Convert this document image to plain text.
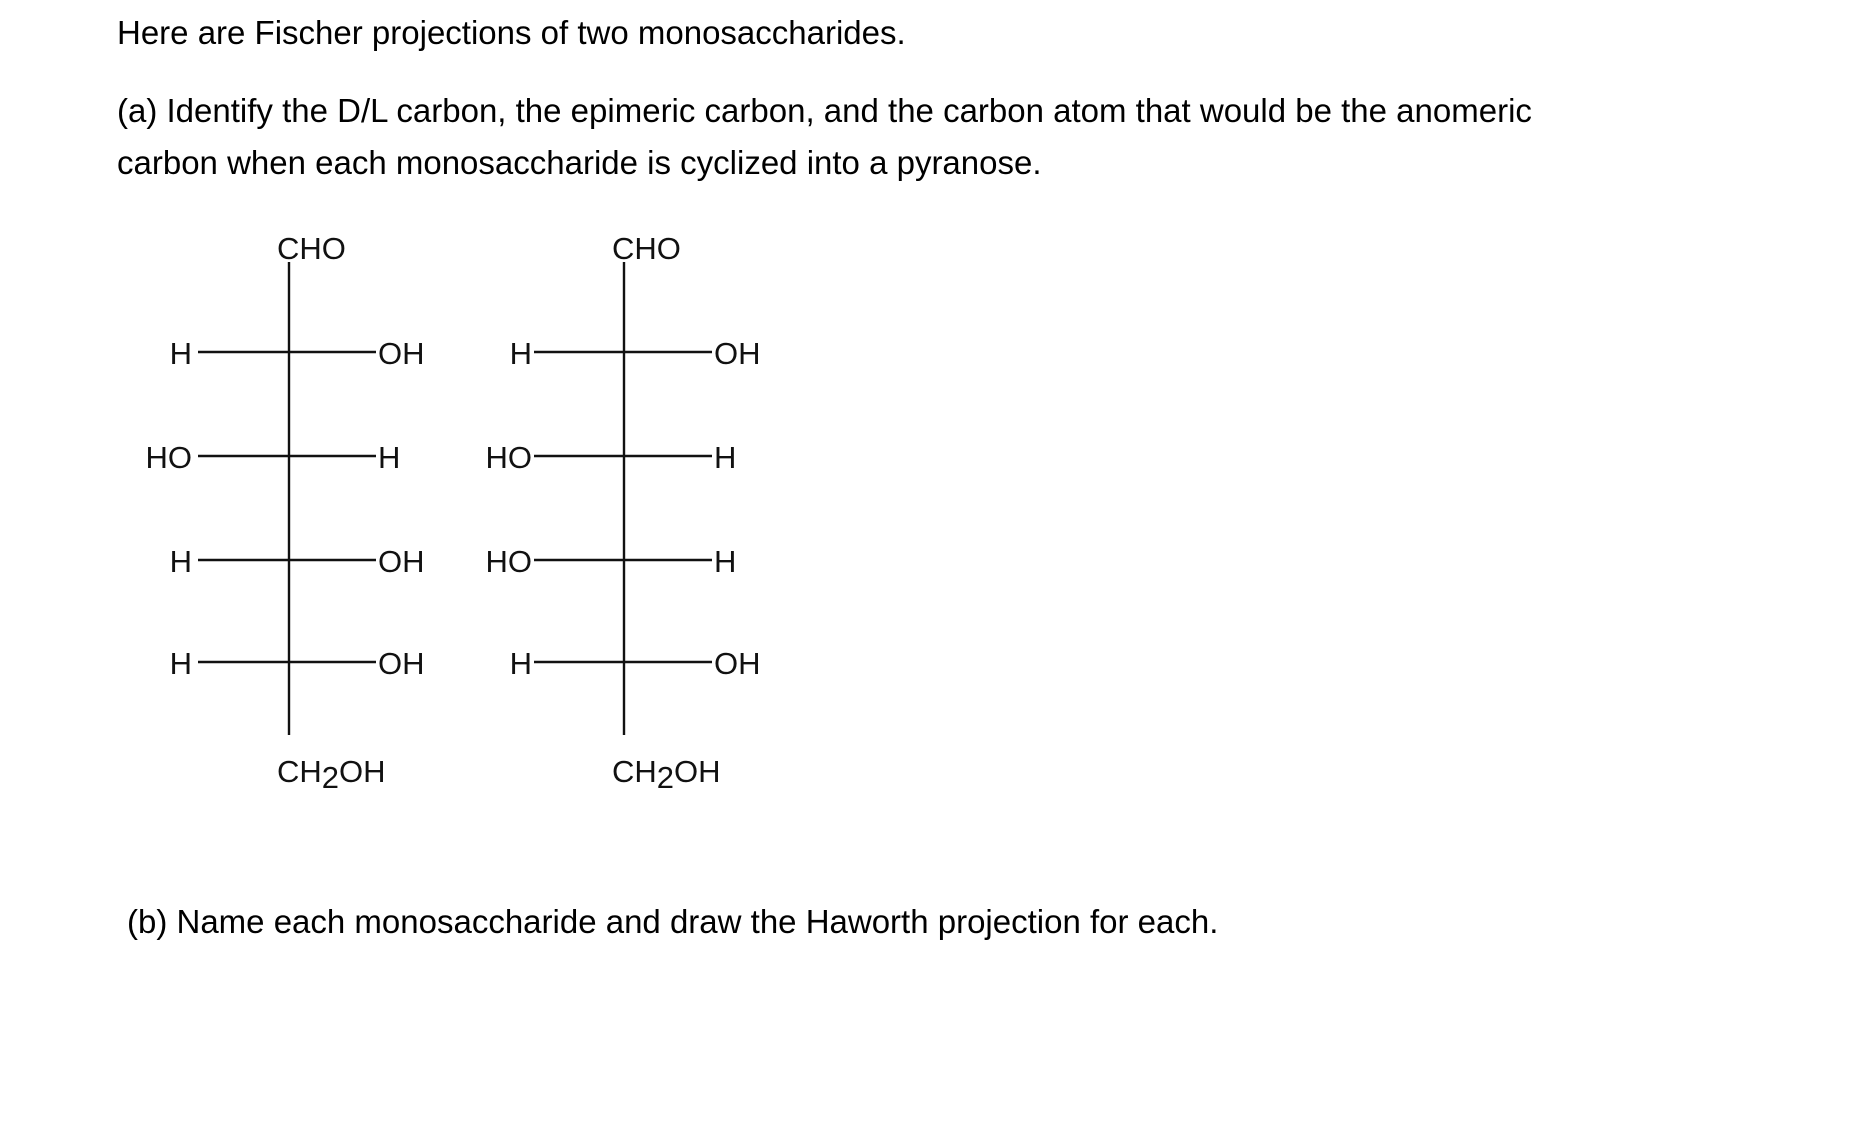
Here are Fischer projections of two monosaccharides.
(a) Identify the D/L carbon, the epimeric carbon, and the carbon atom that would be the anomeric
carbon when each monosaccharide is cyclized into a pyranose.
CHO
H	OH
HO	H
H	OH
H	OH
CH2OH
CHO
H	OH
HO	H
HO	H
H	OH
CH2OH
(b) Name each monosaccharide and draw the Haworth projection for each.
